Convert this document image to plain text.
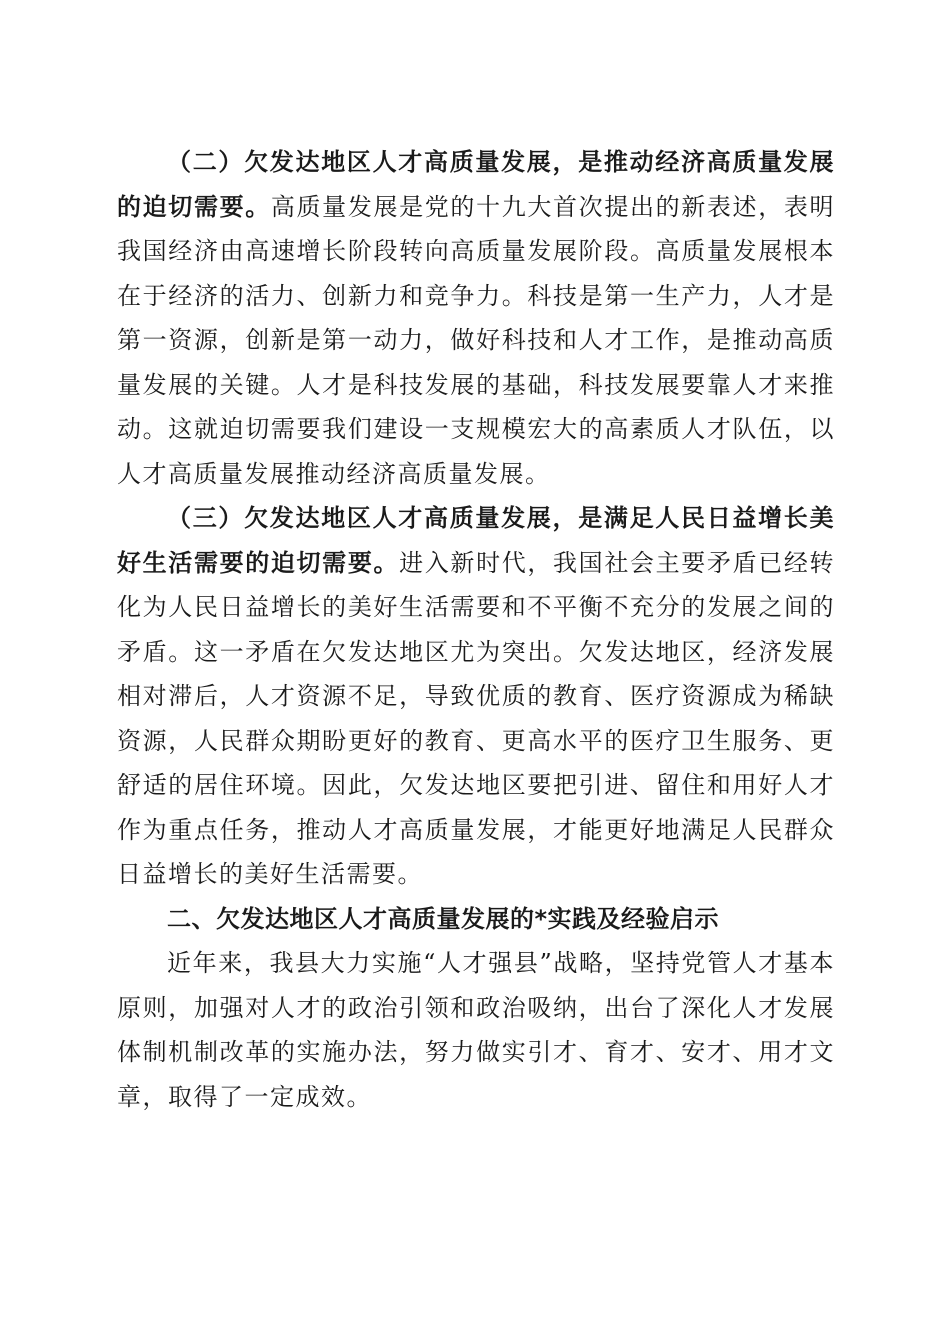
（二）欠发达地区人才高质量发展，是推动经济高质量发展的迫切需要。高质量发展是党的十九大首次提出的新表述，表明我国经济由高速增长阶段转向高质量发展阶段。高质量发展根本在于经济的活力、创新力和竞争力。科技是第一生产力，人才是第一资源，创新是第一动力，做好科技和人才工作，是推动高质量发展的关键。人才是科技发展的基础，科技发展要靠人才来推动。这就迫切需要我们建设一支规模宏大的高素质人才队伍，以人才高质量发展推动经济高质量发展。

（三）欠发达地区人才高质量发展，是满足人民日益增长美好生活需要的迫切需要。进入新时代，我国社会主要矛盾已经转化为人民日益增长的美好生活需要和不平衡不充分的发展之间的矛盾。这一矛盾在欠发达地区尤为突出。欠发达地区，经济发展相对滞后，人才资源不足，导致优质的教育、医疗资源成为稀缺资源，人民群众期盼更好的教育、更高水平的医疗卫生服务、更舒适的居住环境。因此，欠发达地区要把引进、留住和用好人才作为重点任务，推动人才高质量发展，才能更好地满足人民群众日益增长的美好生活需要。

二、欠发达地区人才高质量发展的*实践及经验启示

近年来，我县大力实施“人才强县”战略，坚持党管人才基本原则，加强对人才的政治引领和政治吸纳，出台了深化人才发展体制机制改革的实施办法，努力做实引才、育才、安才、用才文章，取得了一定成效。
